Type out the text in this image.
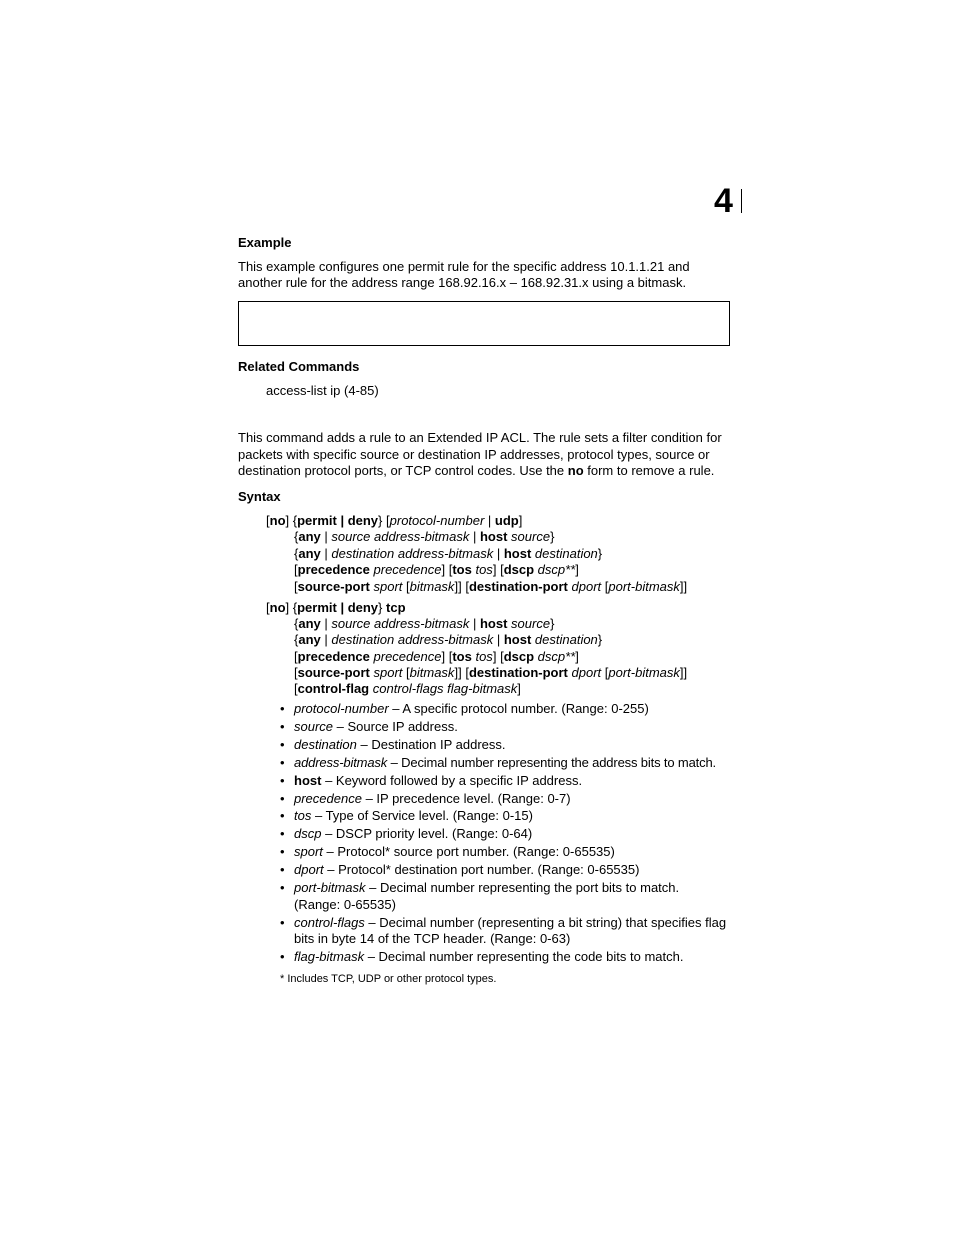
4
Example
This example configures one permit rule for the specific address 10.1.1.21 and
another rule for the address range 168.92.16.x – 168.92.31.x using a bitmask.
Related Commands
access-list ip (4-85)
This command adds a rule to an Extended IP ACL. The rule sets a filter condition for
packets with specific source or destination IP addresses, protocol types, source or
destination protocol ports, or TCP control codes. Use the no form to remove a rule.
Syntax
[no] {permit | deny} [protocol-number | udp]
{any | source address-bitmask | host source}
{any | destination address-bitmask | host destination}
[precedence precedence] [tos tos] [dscp dscp**]
[source-port sport [bitmask]] [destination-port dport [port-bitmask]]
[no] {permit | deny} tcp
{any | source address-bitmask | host source}
{any | destination address-bitmask | host destination}
[precedence precedence] [tos tos] [dscp dscp**]
[source-port sport [bitmask]] [destination-port dport [port-bitmask]]
[control-flag control-flags flag-bitmask]
• protocol-number – A specific protocol number. (Range: 0-255)
• source – Source IP address.
• destination – Destination IP address.
• address-bitmask – Decimal number representing the address bits to match.
• host – Keyword followed by a specific IP address.
• precedence – IP precedence level. (Range: 0-7)
• tos – Type of Service level. (Range: 0-15)
• dscp – DSCP priority level. (Range: 0-64)
• sport – Protocol* source port number. (Range: 0-65535)
• dport – Protocol* destination port number. (Range: 0-65535)
• port-bitmask – Decimal number representing the port bits to match.
(Range: 0-65535)
• control-flags – Decimal number (representing a bit string) that specifies flag
bits in byte 14 of the TCP header. (Range: 0-63)
• flag-bitmask – Decimal number representing the code bits to match.
* Includes TCP, UDP or other protocol types.
